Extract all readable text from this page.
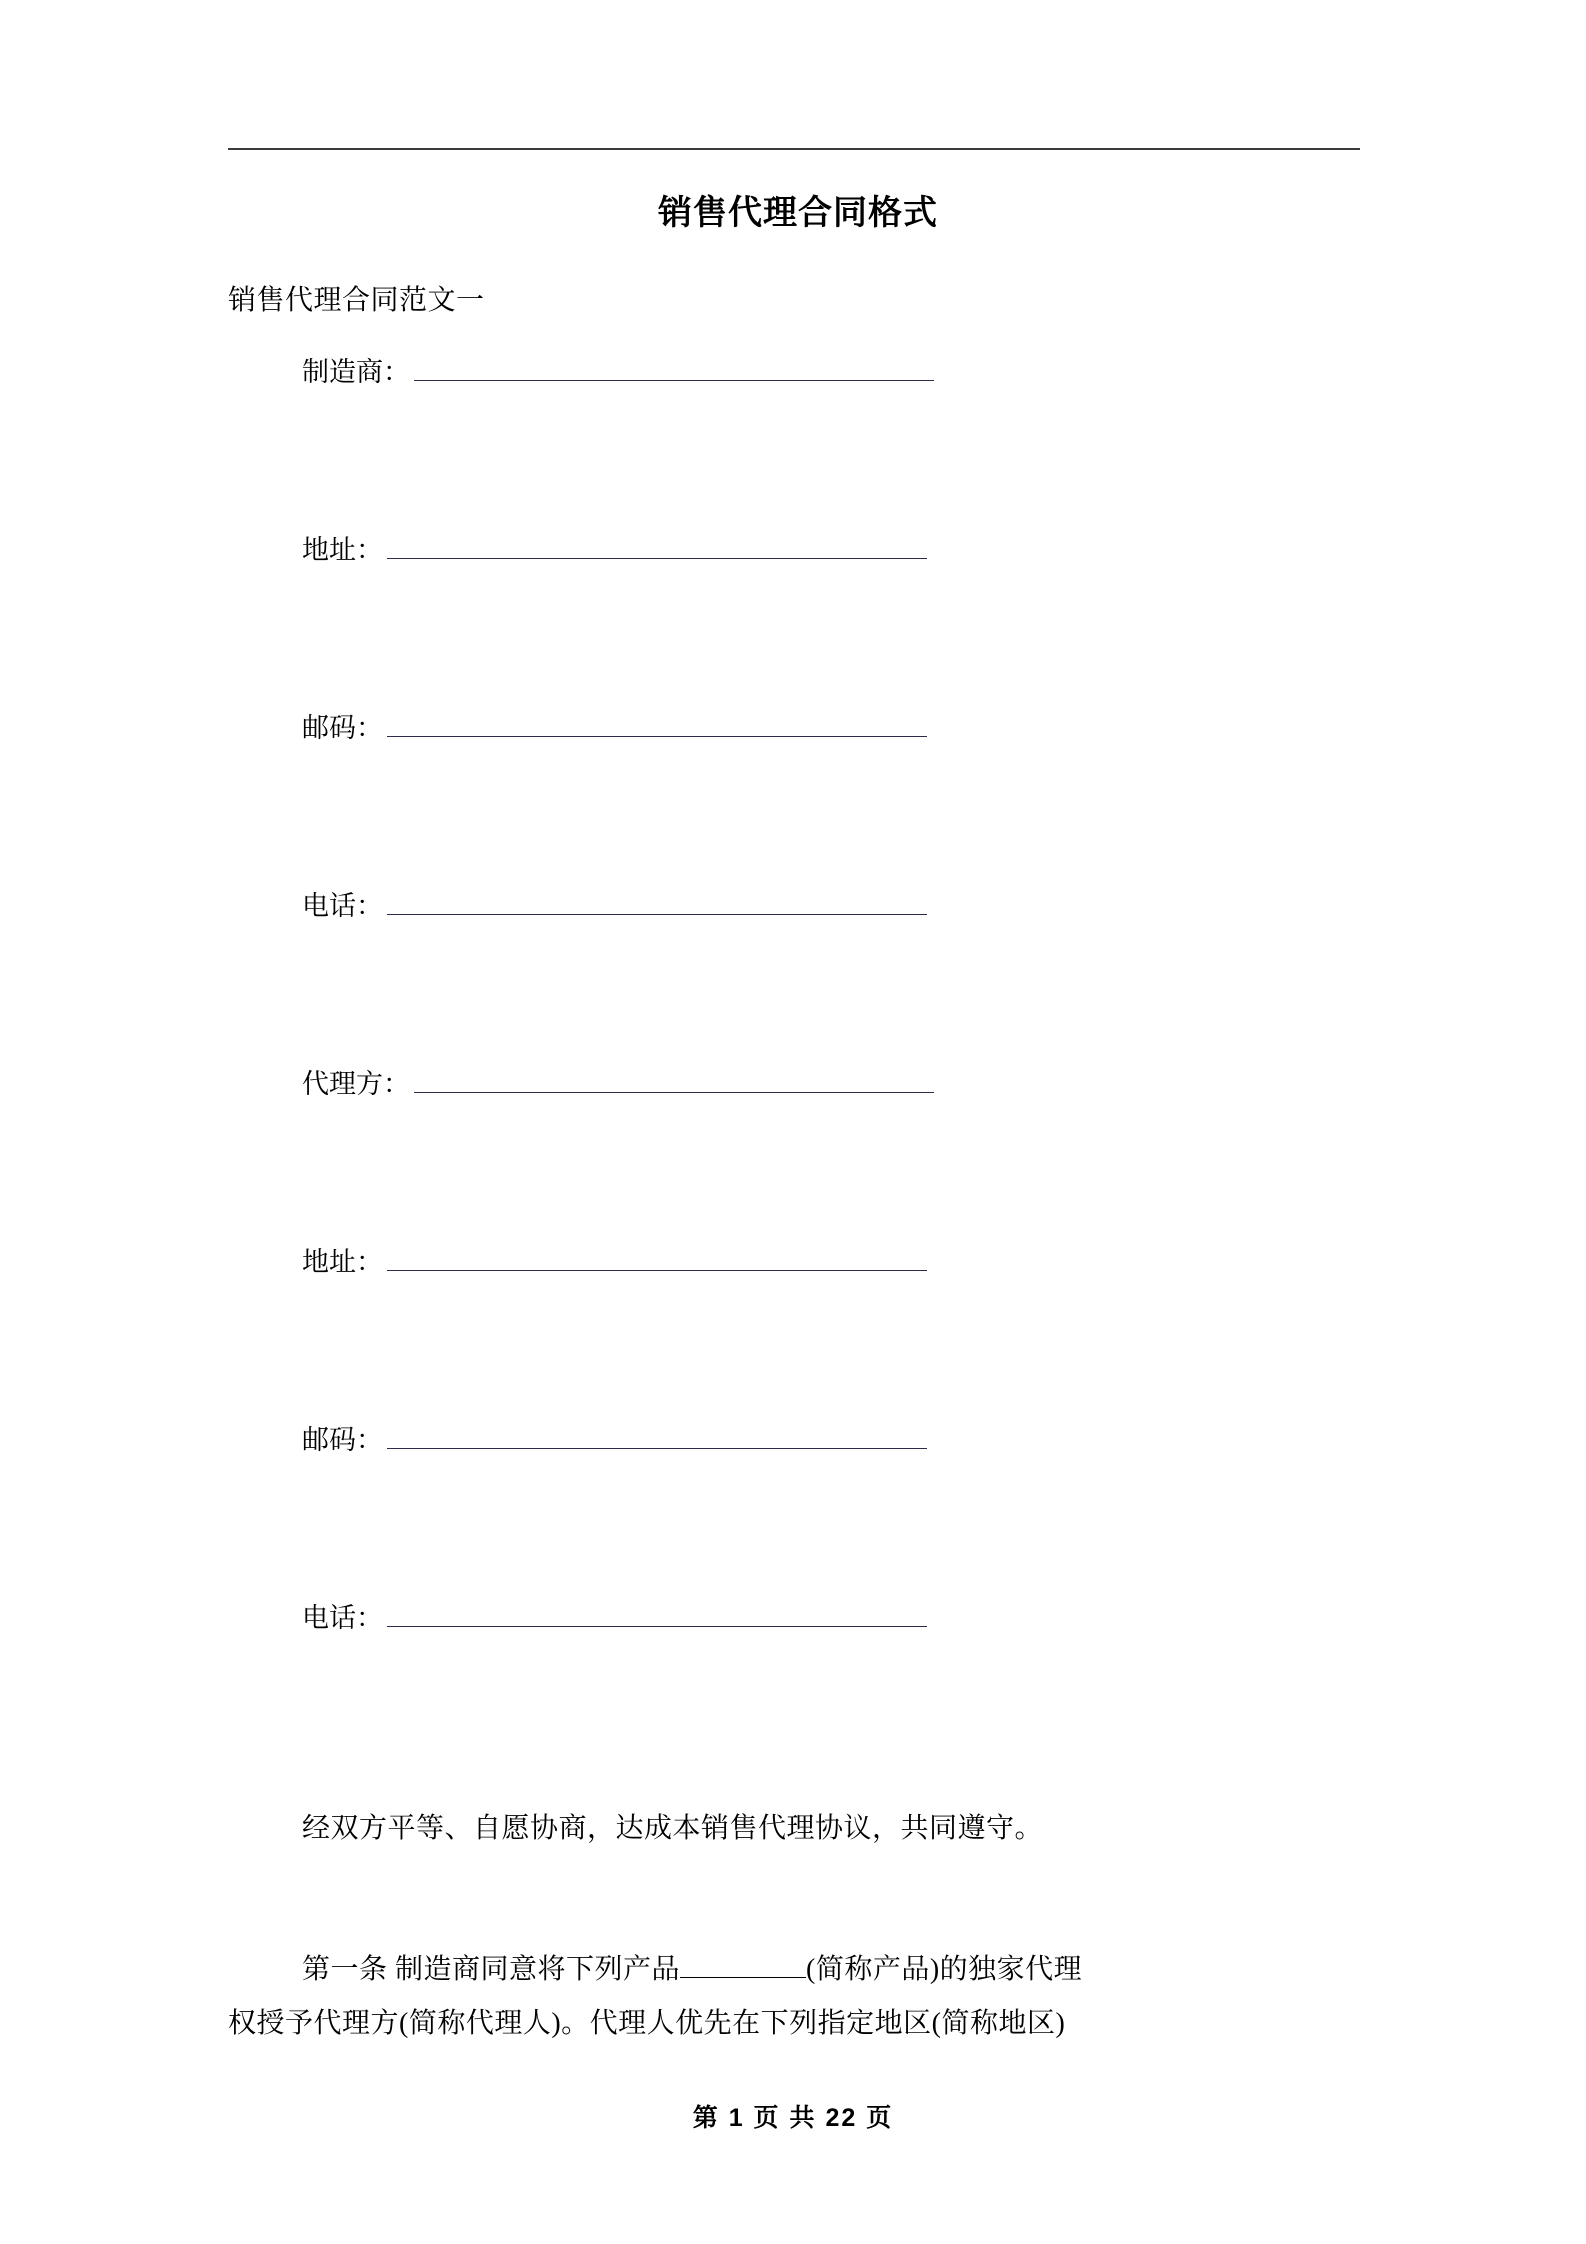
销售代理合同格式

销售代理合同范文一

制造商：
地址：
邮码：
电话：
代理方：
地址：
邮码：
电话：

经双方平等、自愿协商，达成本销售代理协议，共同遵守。

第一条 制造商同意将下列产品	(简称产品)的独家代理
权授予代理方(简称代理人)。代理人优先在下列指定地区(简称地区)

第 1 页 共 22 页
